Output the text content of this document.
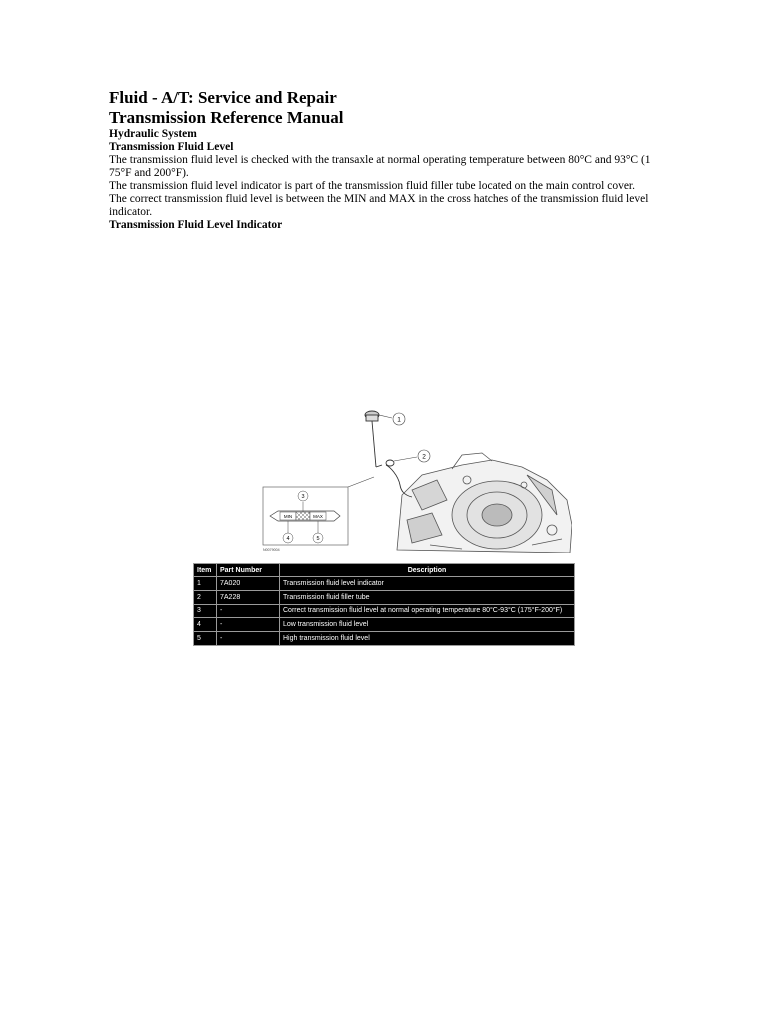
Fluid - A/T: Service and Repair
Transmission Reference Manual
Hydraulic System
Transmission Fluid Level
The transmission fluid level is checked with the transaxle at normal operating temperature between 80°C and 93°C (1 75°F and 200°F).
The transmission fluid level indicator is part of the transmission fluid filler tube located on the main control cover.
The correct transmission fluid level is between the MIN and MAX in the cross hatches of the transmission fluid level indicator.
Transmission Fluid Level Indicator
1
2
MIN	MAX
3
4	5
N0079004
Item	Part Number	Description
1	7A020	Transmission fluid level indicator
2	7A228	Transmission fluid filler tube
3	-	Correct transmission fluid level at normal operating temperature 80°C-93°C (175°F-200°F)
4	-	Low transmission fluid level
5	-	High transmission fluid level
